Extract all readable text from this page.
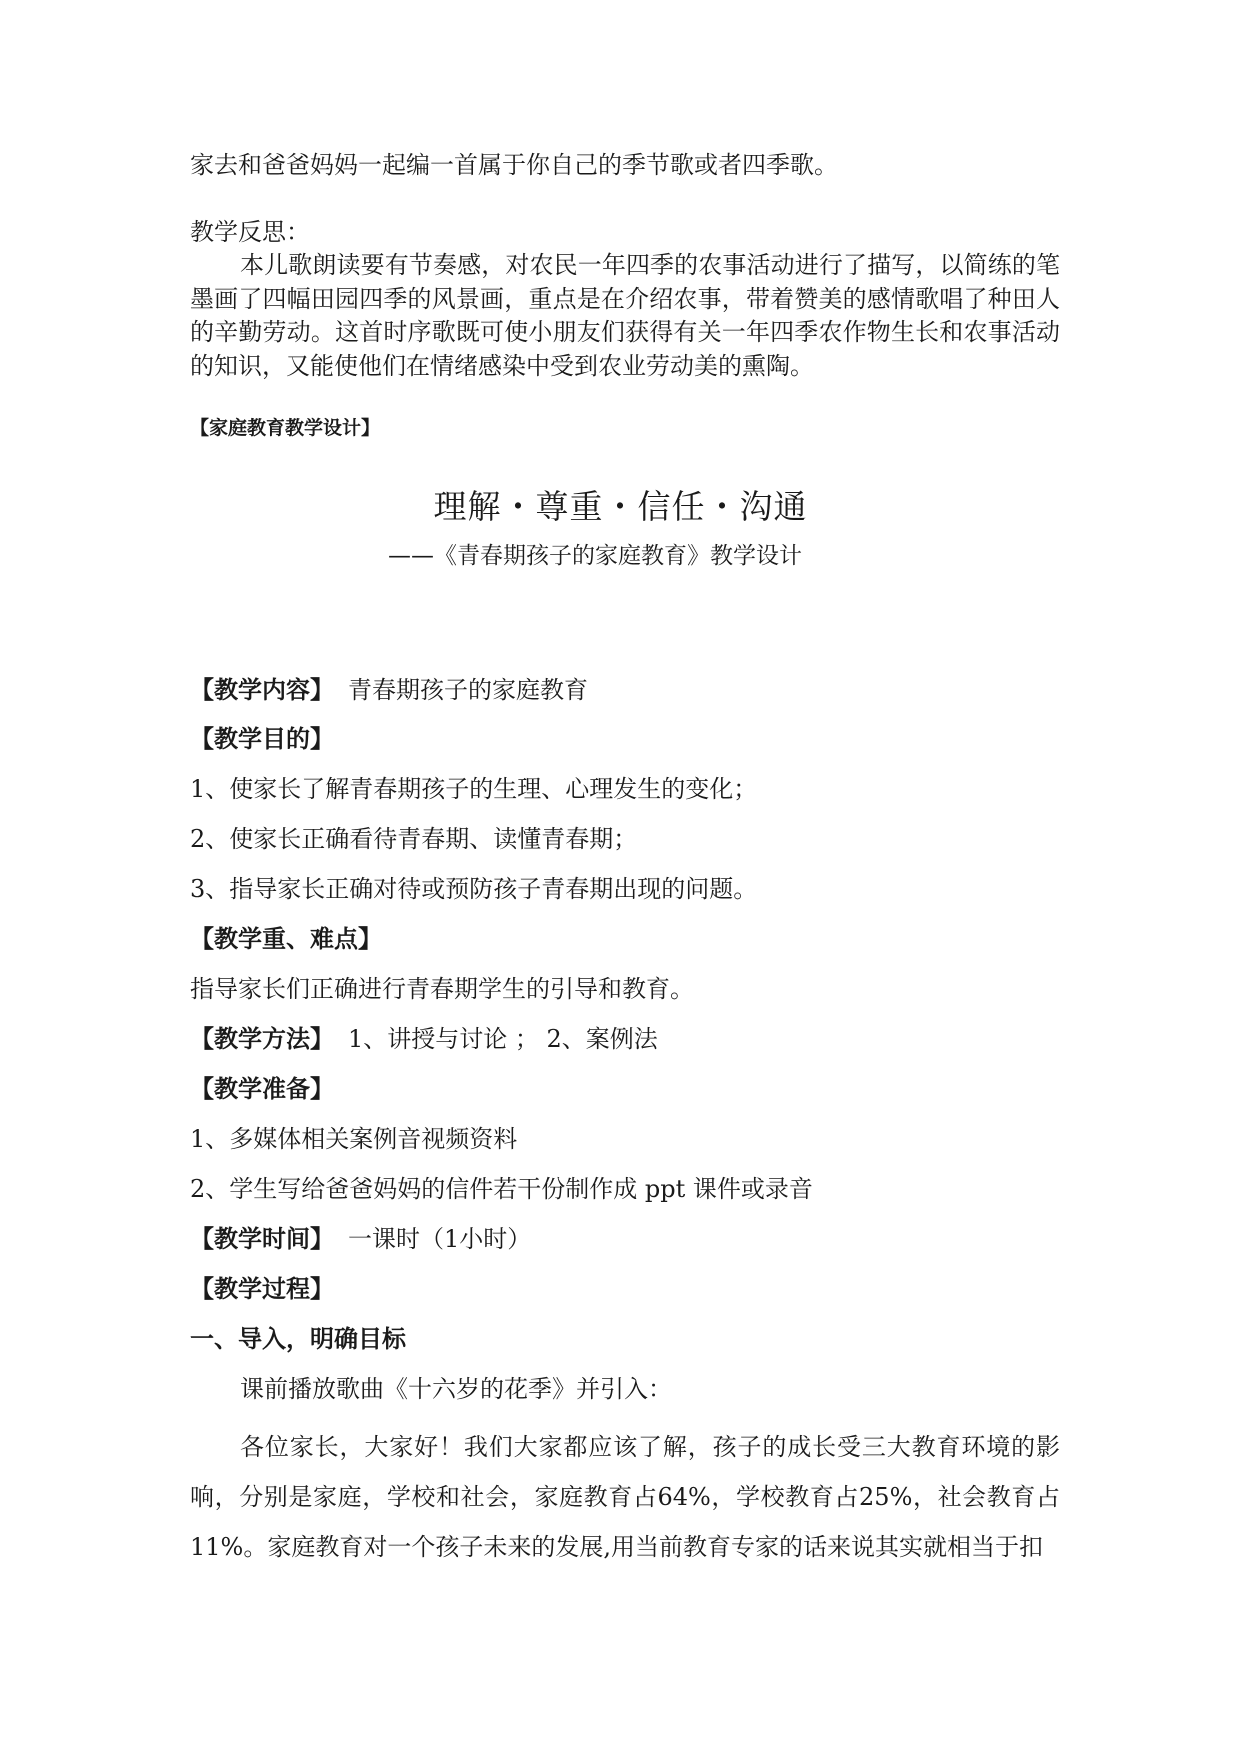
家去和爸爸妈妈一起编一首属于你自己的季节歌或者四季歌。
教学反思：
本儿歌朗读要有节奏感，对农民一年四季的农事活动进行了描写，以简练的笔墨画了四幅田园四季的风景画，重点是在介绍农事，带着赞美的感情歌唱了种田人的辛勤劳动。这首时序歌既可使小朋友们获得有关一年四季农作物生长和农事活动的知识，又能使他们在情绪感染中受到农业劳动美的熏陶。
【家庭教育教学设计】
理解・尊重・信任・沟通
——《青春期孩子的家庭教育》教学设计
【教学内容】 青春期孩子的家庭教育
【教学目的】
1、使家长了解青春期孩子的生理、心理发生的变化；
2、使家长正确看待青春期、读懂青春期；
3、指导家长正确对待或预防孩子青春期出现的问题。
【教学重、难点】
指导家长们正确进行青春期学生的引导和教育。
【教学方法】 1、讲授与讨论 ； 2、案例法
【教学准备】
1、多媒体相关案例音视频资料
2、学生写给爸爸妈妈的信件若干份制作成 ppt 课件或录音
【教学时间】 一课时（1小时）
【教学过程】
一、导入，明确目标
课前播放歌曲《十六岁的花季》并引入：
各位家长，大家好！我们大家都应该了解，孩子的成长受三大教育环境的影响，分别是家庭，学校和社会，家庭教育占64%，学校教育占25%，社会教育占11%。家庭教育对一个孩子未来的发展,用当前教育专家的话来说其实就相当于扣
